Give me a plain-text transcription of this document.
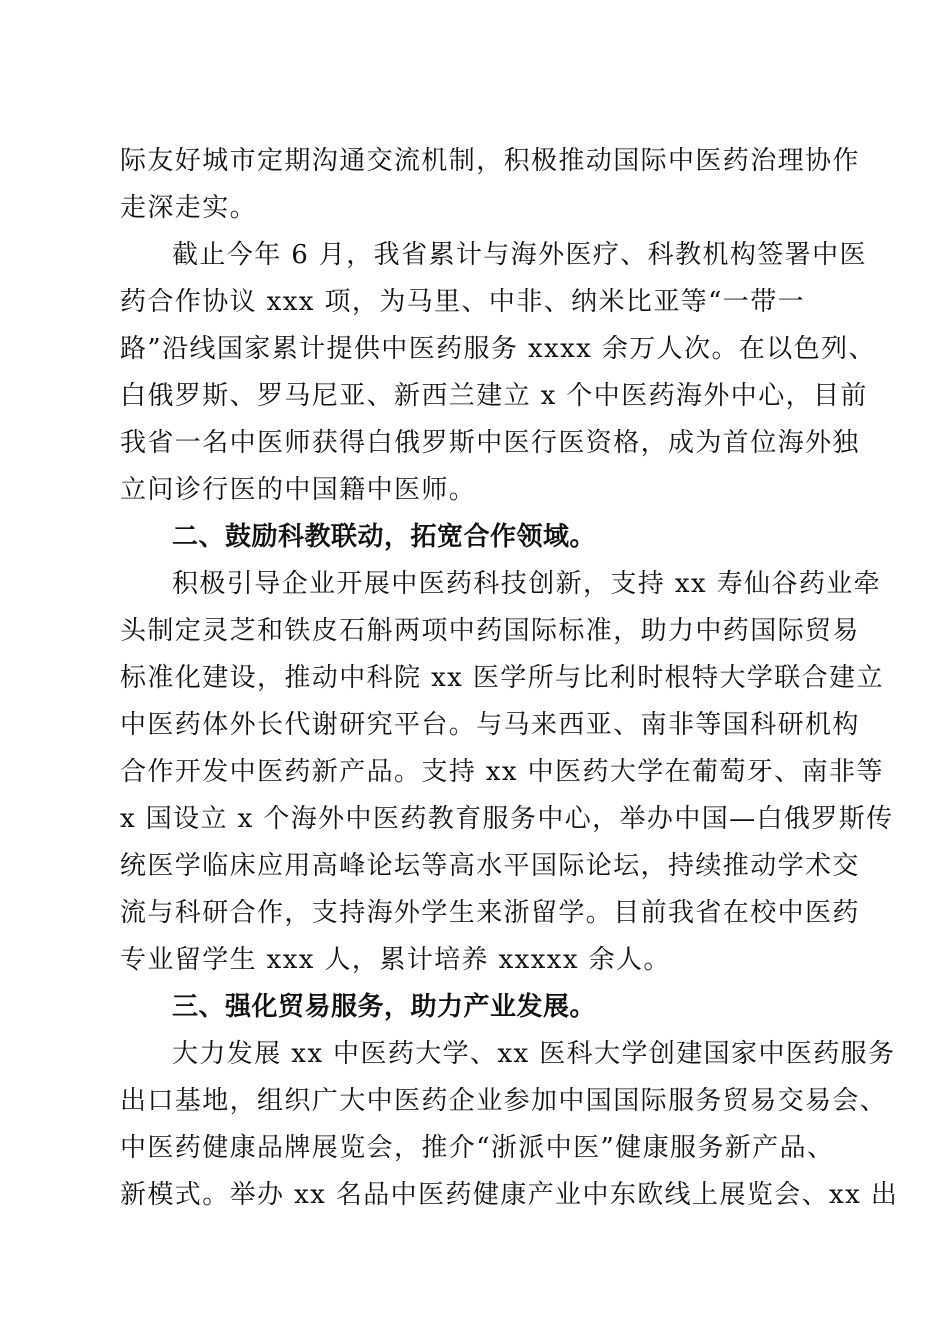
际友好城市定期沟通交流机制，积极推动国际中医药治理协作
走深走实。
截止今年 6 月，我省累计与海外医疗、科教机构签署中医
药合作协议 xxx 项，为马里、中非、纳米比亚等“一带一
路”沿线国家累计提供中医药服务 xxxx 余万人次。在以色列、
白俄罗斯、罗马尼亚、新西兰建立 x 个中医药海外中心，目前
我省一名中医师获得白俄罗斯中医行医资格，成为首位海外独
立问诊行医的中国籍中医师。
二、鼓励科教联动，拓宽合作领域。
积极引导企业开展中医药科技创新，支持 xx 寿仙谷药业牵
头制定灵芝和铁皮石斛两项中药国际标准，助力中药国际贸易
标准化建设，推动中科院 xx 医学所与比利时根特大学联合建立
中医药体外长代谢研究平台。与马来西亚、南非等国科研机构
合作开发中医药新产品。支持 xx 中医药大学在葡萄牙、南非等
x 国设立 x 个海外中医药教育服务中心，举办中国—白俄罗斯传
统医学临床应用高峰论坛等高水平国际论坛，持续推动学术交
流与科研合作，支持海外学生来浙留学。目前我省在校中医药
专业留学生 xxx 人，累计培养 xxxxx 余人。
三、强化贸易服务，助力产业发展。
大力发展 xx 中医药大学、xx 医科大学创建国家中医药服务
出口基地，组织广大中医药企业参加中国国际服务贸易交易会、
中医药健康品牌展览会，推介“浙派中医”健康服务新产品、
新模式。举办 xx 名品中医药健康产业中东欧线上展览会、xx 出
